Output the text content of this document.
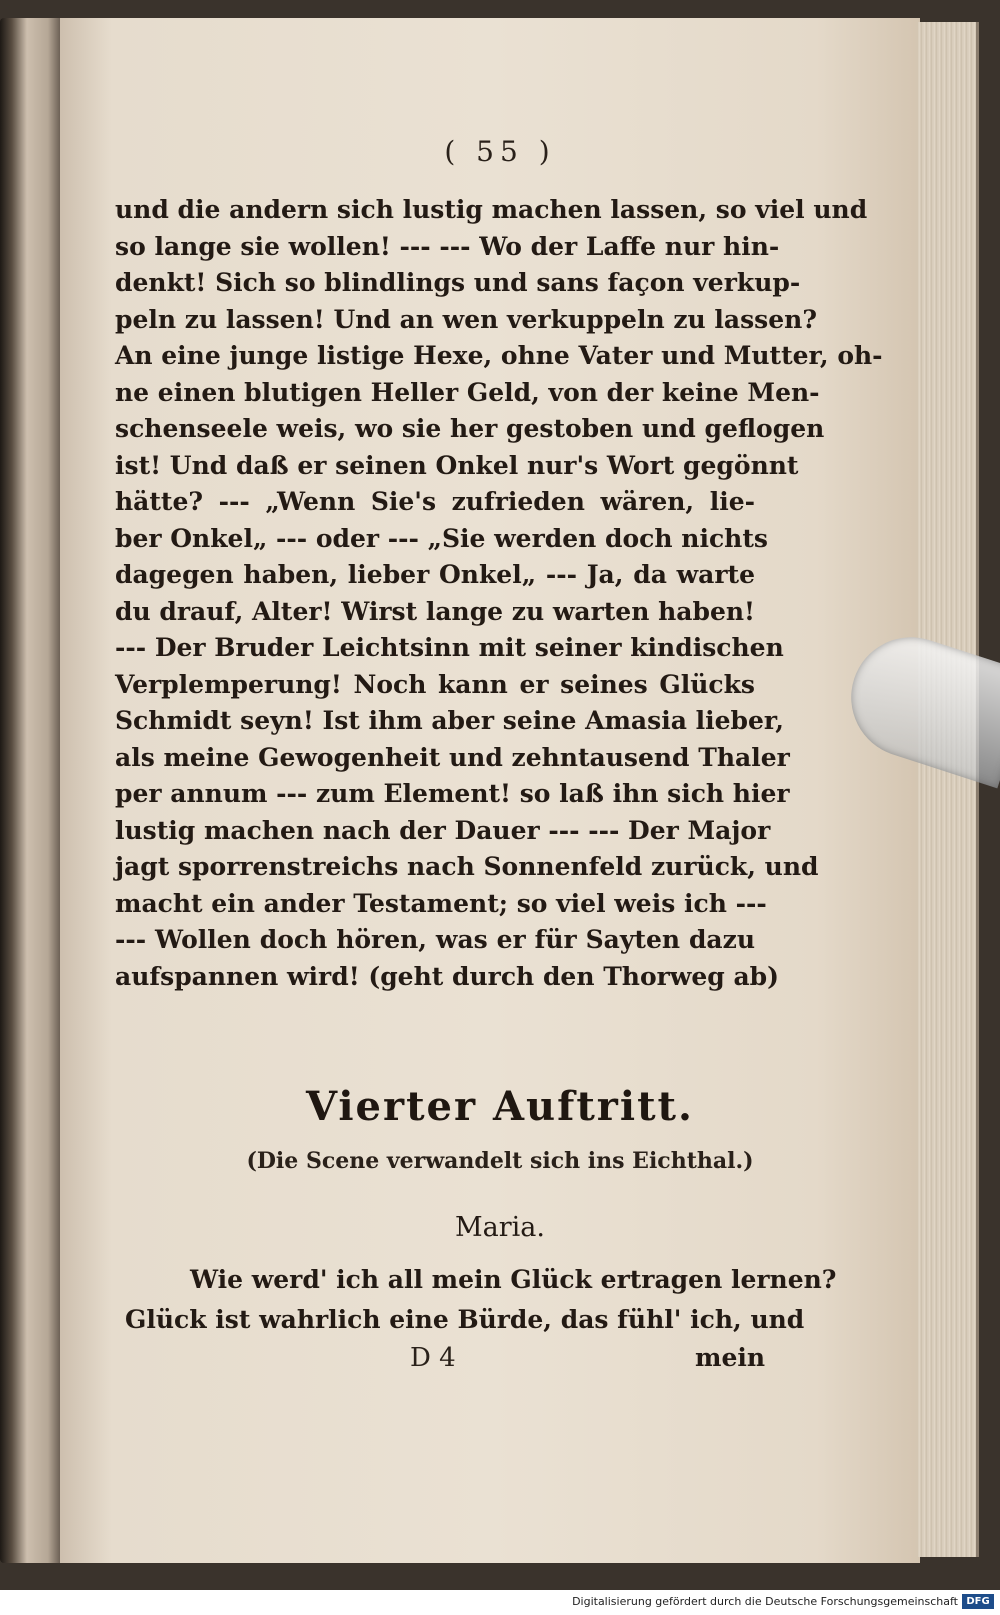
( 55 )
und die andern sich lustig machen lassen, so viel und
so lange sie wollen! --- --- Wo der Laffe nur hin-
denkt! Sich so blindlings und sans façon verkup-
peln zu lassen! Und an wen verkuppeln zu lassen?
An eine junge listige Hexe, ohne Vater und Mutter, oh-
ne einen blutigen Heller Geld, von der keine Men-
schenseele weis, wo sie her gestoben und geflogen
ist! Und daß er seinen Onkel nur's Wort gegönnt
hätte? --- „Wenn Sie's zufrieden wären, lie-
ber Onkel„ --- oder --- „Sie werden doch nichts
dagegen haben, lieber Onkel„ --- Ja, da warte
du drauf, Alter! Wirst lange zu warten haben!
--- Der Bruder Leichtsinn mit seiner kindischen
Verplemperung! Noch kann er seines Glücks
Schmidt seyn! Ist ihm aber seine Amasia lieber,
als meine Gewogenheit und zehntausend Thaler
per annum --- zum Element! so laß ihn sich hier
lustig machen nach der Dauer --- --- Der Major
jagt sporrenstreichs nach Sonnenfeld zurück, und
macht ein ander Testament; so viel weis ich ---
--- Wollen doch hören, was er für Sayten dazu
aufspannen wird! (geht durch den Thorweg ab)
Vierter Auftritt.
(Die Scene verwandelt sich ins Eichthal.)
Maria.
Wie werd' ich all mein Glück ertragen lernen?
Glück ist wahrlich eine Bürde, das fühl' ich, und
D 4	mein
Digitalisierung gefördert durch die Deutsche Forschungsgemeinschaft DFG
